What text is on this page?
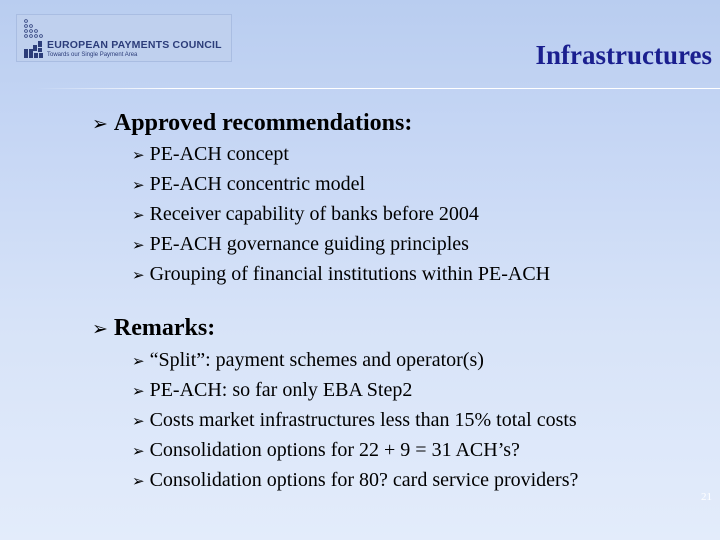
EUROPEAN PAYMENTS COUNCIL
Towards our Single Payment Area	Infrastructures
➢ Approved recommendations:
➢ PE-ACH concept
➢ PE-ACH concentric model
➢ Receiver capability of banks before 2004
➢ PE-ACH governance guiding principles
➢ Grouping of financial institutions within PE-ACH
➢ Remarks:
➢ “Split”: payment schemes and operator(s)
➢ PE-ACH: so far only EBA Step2
➢ Costs market infrastructures less than 15% total costs
➢ Consolidation options for 22 + 9 = 31 ACH’s?
➢ Consolidation options for 80? card service providers?
21
